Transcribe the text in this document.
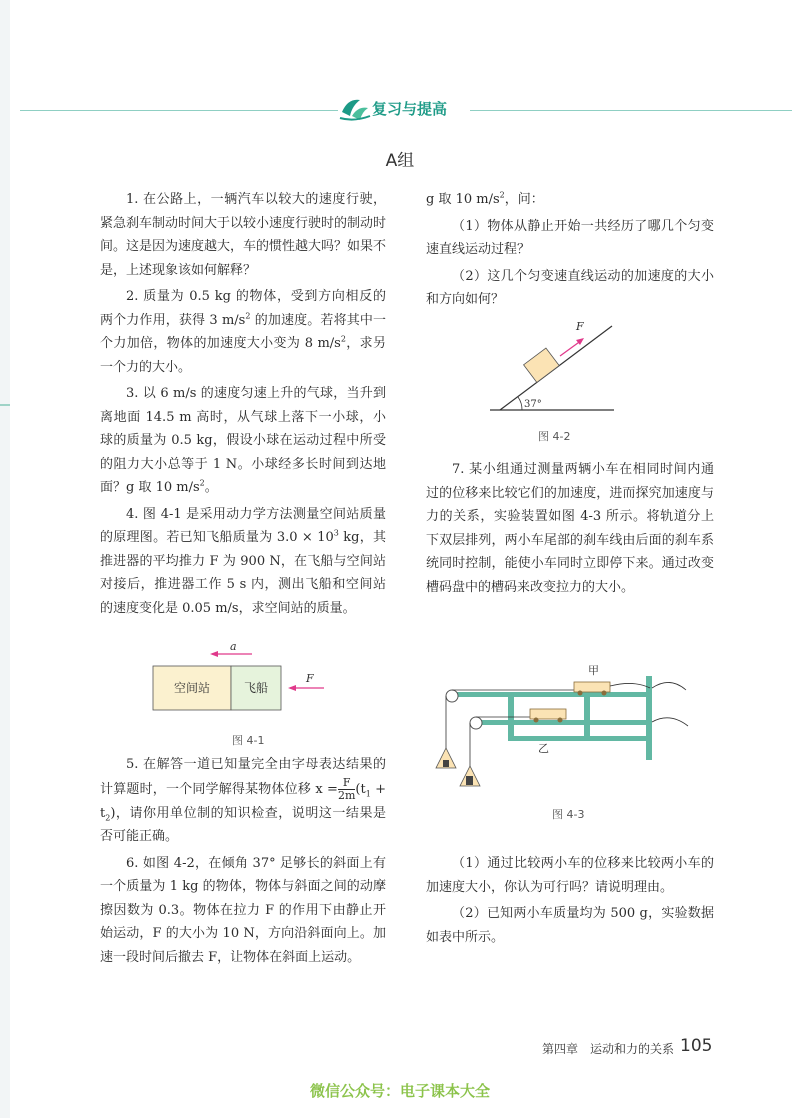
复习与提高
A组

1. 在公路上，一辆汽车以较大的速度行驶，紧急刹车制动时间大于以较小速度行驶时的制动时间。这是因为速度越大，车的惯性越大吗？如果不是，上述现象该如何解释？

2. 质量为 0.5 kg 的物体，受到方向相反的两个力作用，获得 3 $m/s^2$ 的加速度。若将其中一个力加倍，物体的加速度大小变为 8 $m/s^2$，求另一个力的大小。

3. 以 6 m/s 的速度匀速上升的气球，当升到离地面 14.5 m 高时，从气球上落下一小球，小球的质量为 0.5 kg，假设小球在运动过程中所受的阻力大小总等于 1 N。小球经多长时间到达地面？g 取 10 $m/s^2$。

4. 图 4-1 是采用动力学方法测量空间站质量的原理图。若已知飞船质量为 $3.0 \times 10^3$ kg，其推进器的平均推力 F 为 900 N，在飞船与空间站对接后，推进器工作 5 s 内，测出飞船和空间站的速度变化是 0.05 m/s，求空间站的质量。

5. 在解答一道已知量完全由字母表达结果的计算题时，一个同学解得某物体位移 $x = \frac{F}{2m} (t_1 + t_2)$，请你用单位制的知识检查，说明这一结果是否可能正确。

6. 如图 4-2，在倾角 37° 足够长的斜面上有一个质量为 1 kg 的物体，物体与斜面之间的动摩擦因数为 0.3。物体在拉力 F 的作用下由静止开始运动，F 的大小为 10 N，方向沿斜面向上。加速一段时间后撤去 F，让物体在斜面上运动。

a
空间站	飞船
F
图 4-1

g 取 10 $m/s^2$，问：

（1）物体从静止开始一共经历了哪几个匀变速直线运动过程？

（2）这几个匀变速直线运动的加速度的大小和方向如何？

37°
F
图 4-2

7. 某小组通过测量两辆小车在相同时间内通过的位移来比较它们的加速度，进而探究加速度与力的关系，实验装置如图 4-3 所示。将轨道分上下双层排列，两小车尾部的刹车线由后面的刹车系统同时控制，能使小车同时立即停下来。通过改变槽码盘中的槽码来改变拉力的大小。

甲
乙
图 4-3

（1）通过比较两小车的位移来比较两小车的加速度大小，你认为可行吗？请说明理由。

（2）已知两小车质量均为 500 g，实验数据如表中所示。

第四章　运动和力的关系 105
微信公众号：电子课本大全
